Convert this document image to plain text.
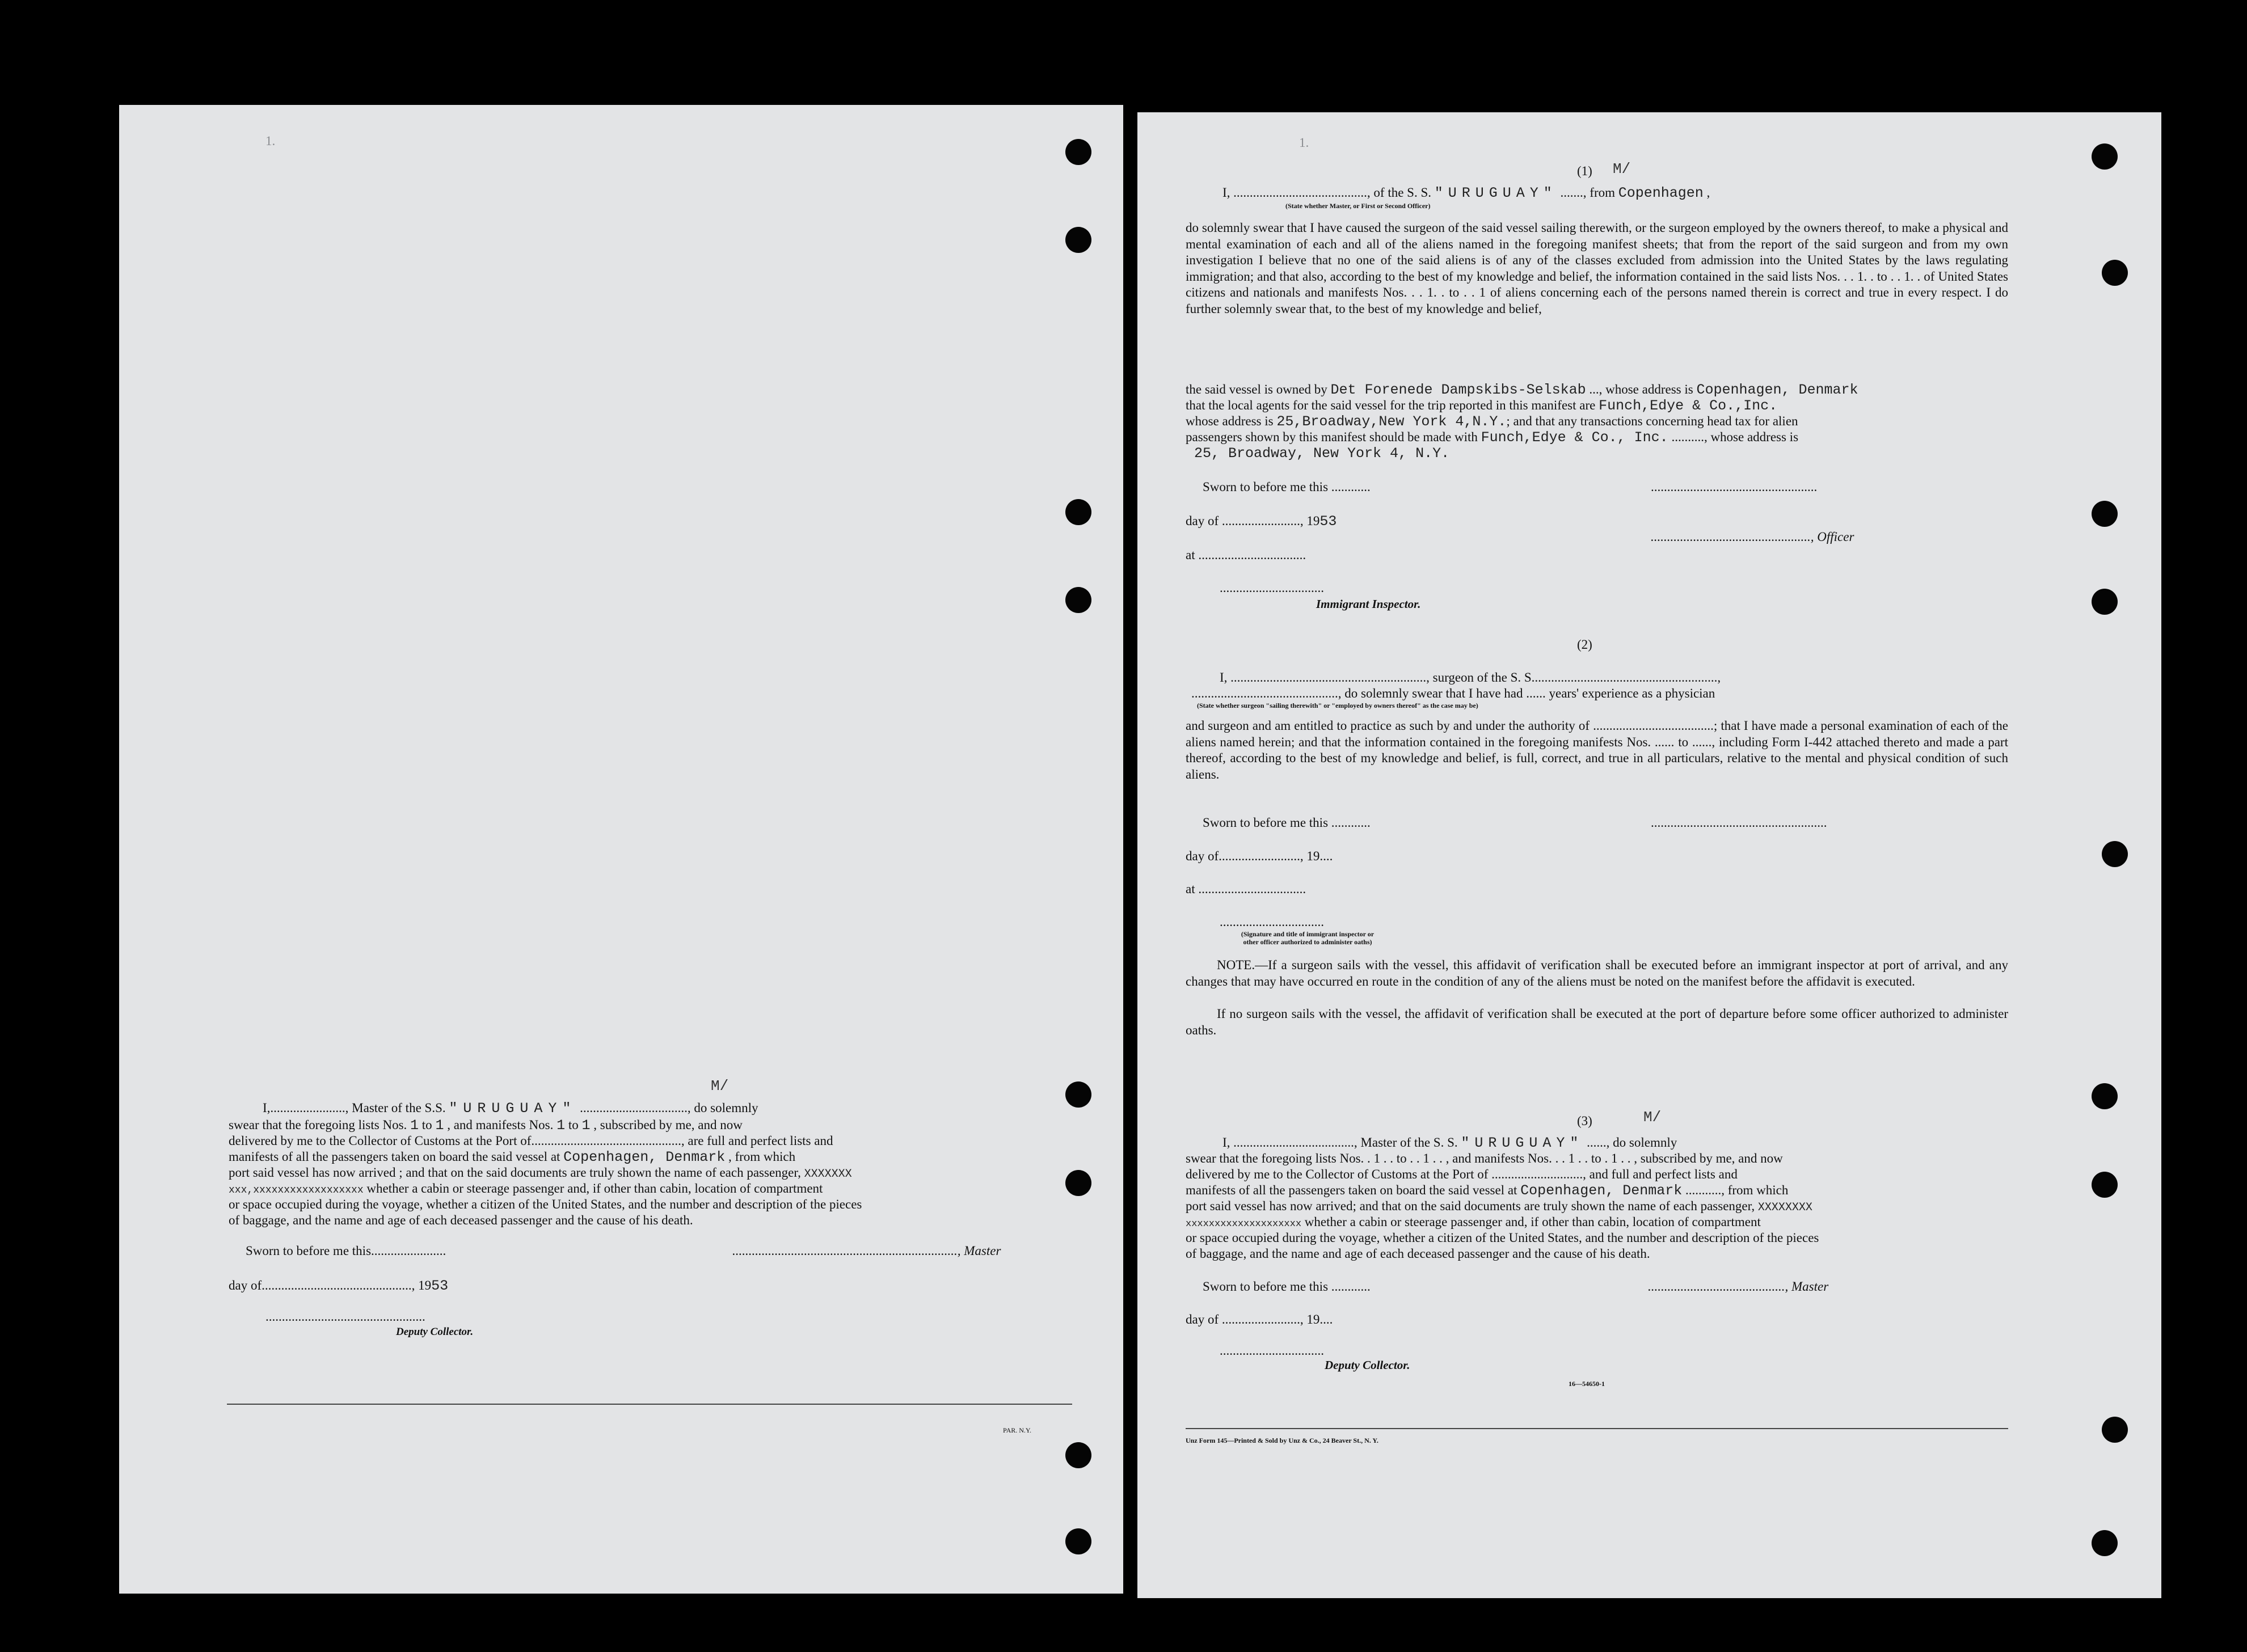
1.
M/
I,......................., Master of the S.S. "URUGUAY" ................................., do solemnly
swear that the foregoing lists Nos. 1 to 1 , and manifests Nos. 1 to 1 , subscribed by me, and now
delivered by me to the Collector of Customs at the Port of.............................................., are full and perfect lists and
manifests of all the passengers taken on board the said vessel at Copenhagen, Denmark , from which
port said vessel has now arrived ; and that on the said documents are truly shown the name of each passenger, XXXXXXX
xxx,xxxxxxxxxxxxxxxxxx whether a cabin or steerage passenger and, if other than cabin, location of compartment
or space occupied during the voyage, whether a citizen of the United States, and the number and description of the pieces
of baggage, and the name and age of each deceased passenger and the cause of his death.
Sworn to before me this.......................	....................................................................., Master
day of.............................................., 1953
.................................................
Deputy Collector.
PAR. N.Y.
1.
(1) M/
I, ........................................., of the S. S. "URUGUAY" ......., from Copenhagen ,
(State whether Master, or First or Second Officer)
do solemnly swear that I have caused the surgeon of the said vessel sailing therewith, or the surgeon employed by the owners thereof, to make a physical and mental examination of each and all of the aliens named in the foregoing manifest sheets; that from the report of the said surgeon and from my own investigation I believe that no one of the said aliens is of any of the classes excluded from admission into the United States by the laws regulating immigration; and that also, according to the best of my knowledge and belief, the information contained in the said lists Nos. . . 1. . to . . 1. . of United States citizens and nationals and manifests Nos. . . 1. . to . . 1 of aliens concerning each of the persons named therein is correct and true in every respect. I do further solemnly swear that, to the best of my knowledge and belief,
the said vessel is owned by Det Forenede Dampskibs-Selskab ..., whose address is Copenhagen, Denmark
that the local agents for the said vessel for the trip reported in this manifest are Funch,Edye & Co.,Inc.
whose address is 25,Broadway,New York 4,N.Y.; and that any transactions concerning head tax for alien
passengers shown by this manifest should be made with Funch,Edye & Co., Inc. .........., whose address is
25, Broadway, New York 4, N.Y.
Sworn to before me this ............	...................................................
day of ........................, 1953
................................................., Officer
at .................................
................................
Immigrant Inspector.
(2)
I, ............................................................, surgeon of the S. S.........................................................,
............................................., do solemnly swear that I have had ...... years' experience as a physician
(State whether surgeon "sailing therewith" or "employed by owners thereof" as the case may be)
and surgeon and am entitled to practice as such by and under the authority of .....................................; that I have made a personal examination of each of the aliens named herein; and that the information contained in the foregoing manifests Nos. ...... to ......, including Form I-442 attached thereto and made a part thereof, according to the best of my knowledge and belief, is full, correct, and true in all particulars, relative to the mental and physical condition of such aliens.
Sworn to before me this ............	......................................................
day of........................., 19....
at .................................
................................
(Signature and title of immigrant inspector or
other officer authorized to administer oaths)
NOTE.—If a surgeon sails with the vessel, this affidavit of verification shall be executed before an immigrant inspector at port of arrival, and any changes that may have occurred en route in the condition of any of the aliens must be noted on the manifest before the affidavit is executed.
If no surgeon sails with the vessel, the affidavit of verification shall be executed at the port of departure before some officer authorized to administer oaths.
(3)	M/
I, ....................................., Master of the S. S. "URUGUAY" ......, do solemnly
swear that the foregoing lists Nos. . 1 . . to . . 1 . . , and manifests Nos. . . 1 . . to . 1 . . , subscribed by me, and now
delivered by me to the Collector of Customs at the Port of ............................, and full and perfect lists and
manifests of all the passengers taken on board the said vessel at Copenhagen, Denmark ..........., from which
port said vessel has now arrived; and that on the said documents are truly shown the name of each passenger, XXXXXXXX
xxxxxxxxxxxxxxxxxxxx whether a cabin or steerage passenger and, if other than cabin, location of compartment
or space occupied during the voyage, whether a citizen of the United States, and the number and description of the pieces
of baggage, and the name and age of each deceased passenger and the cause of his death.
Sworn to before me this ............	.........................................., Master
day of ........................, 19....
................................
Deputy Collector.
16—54650-1
Unz Form 145—Printed & Sold by Unz & Co., 24 Beaver St., N. Y.
